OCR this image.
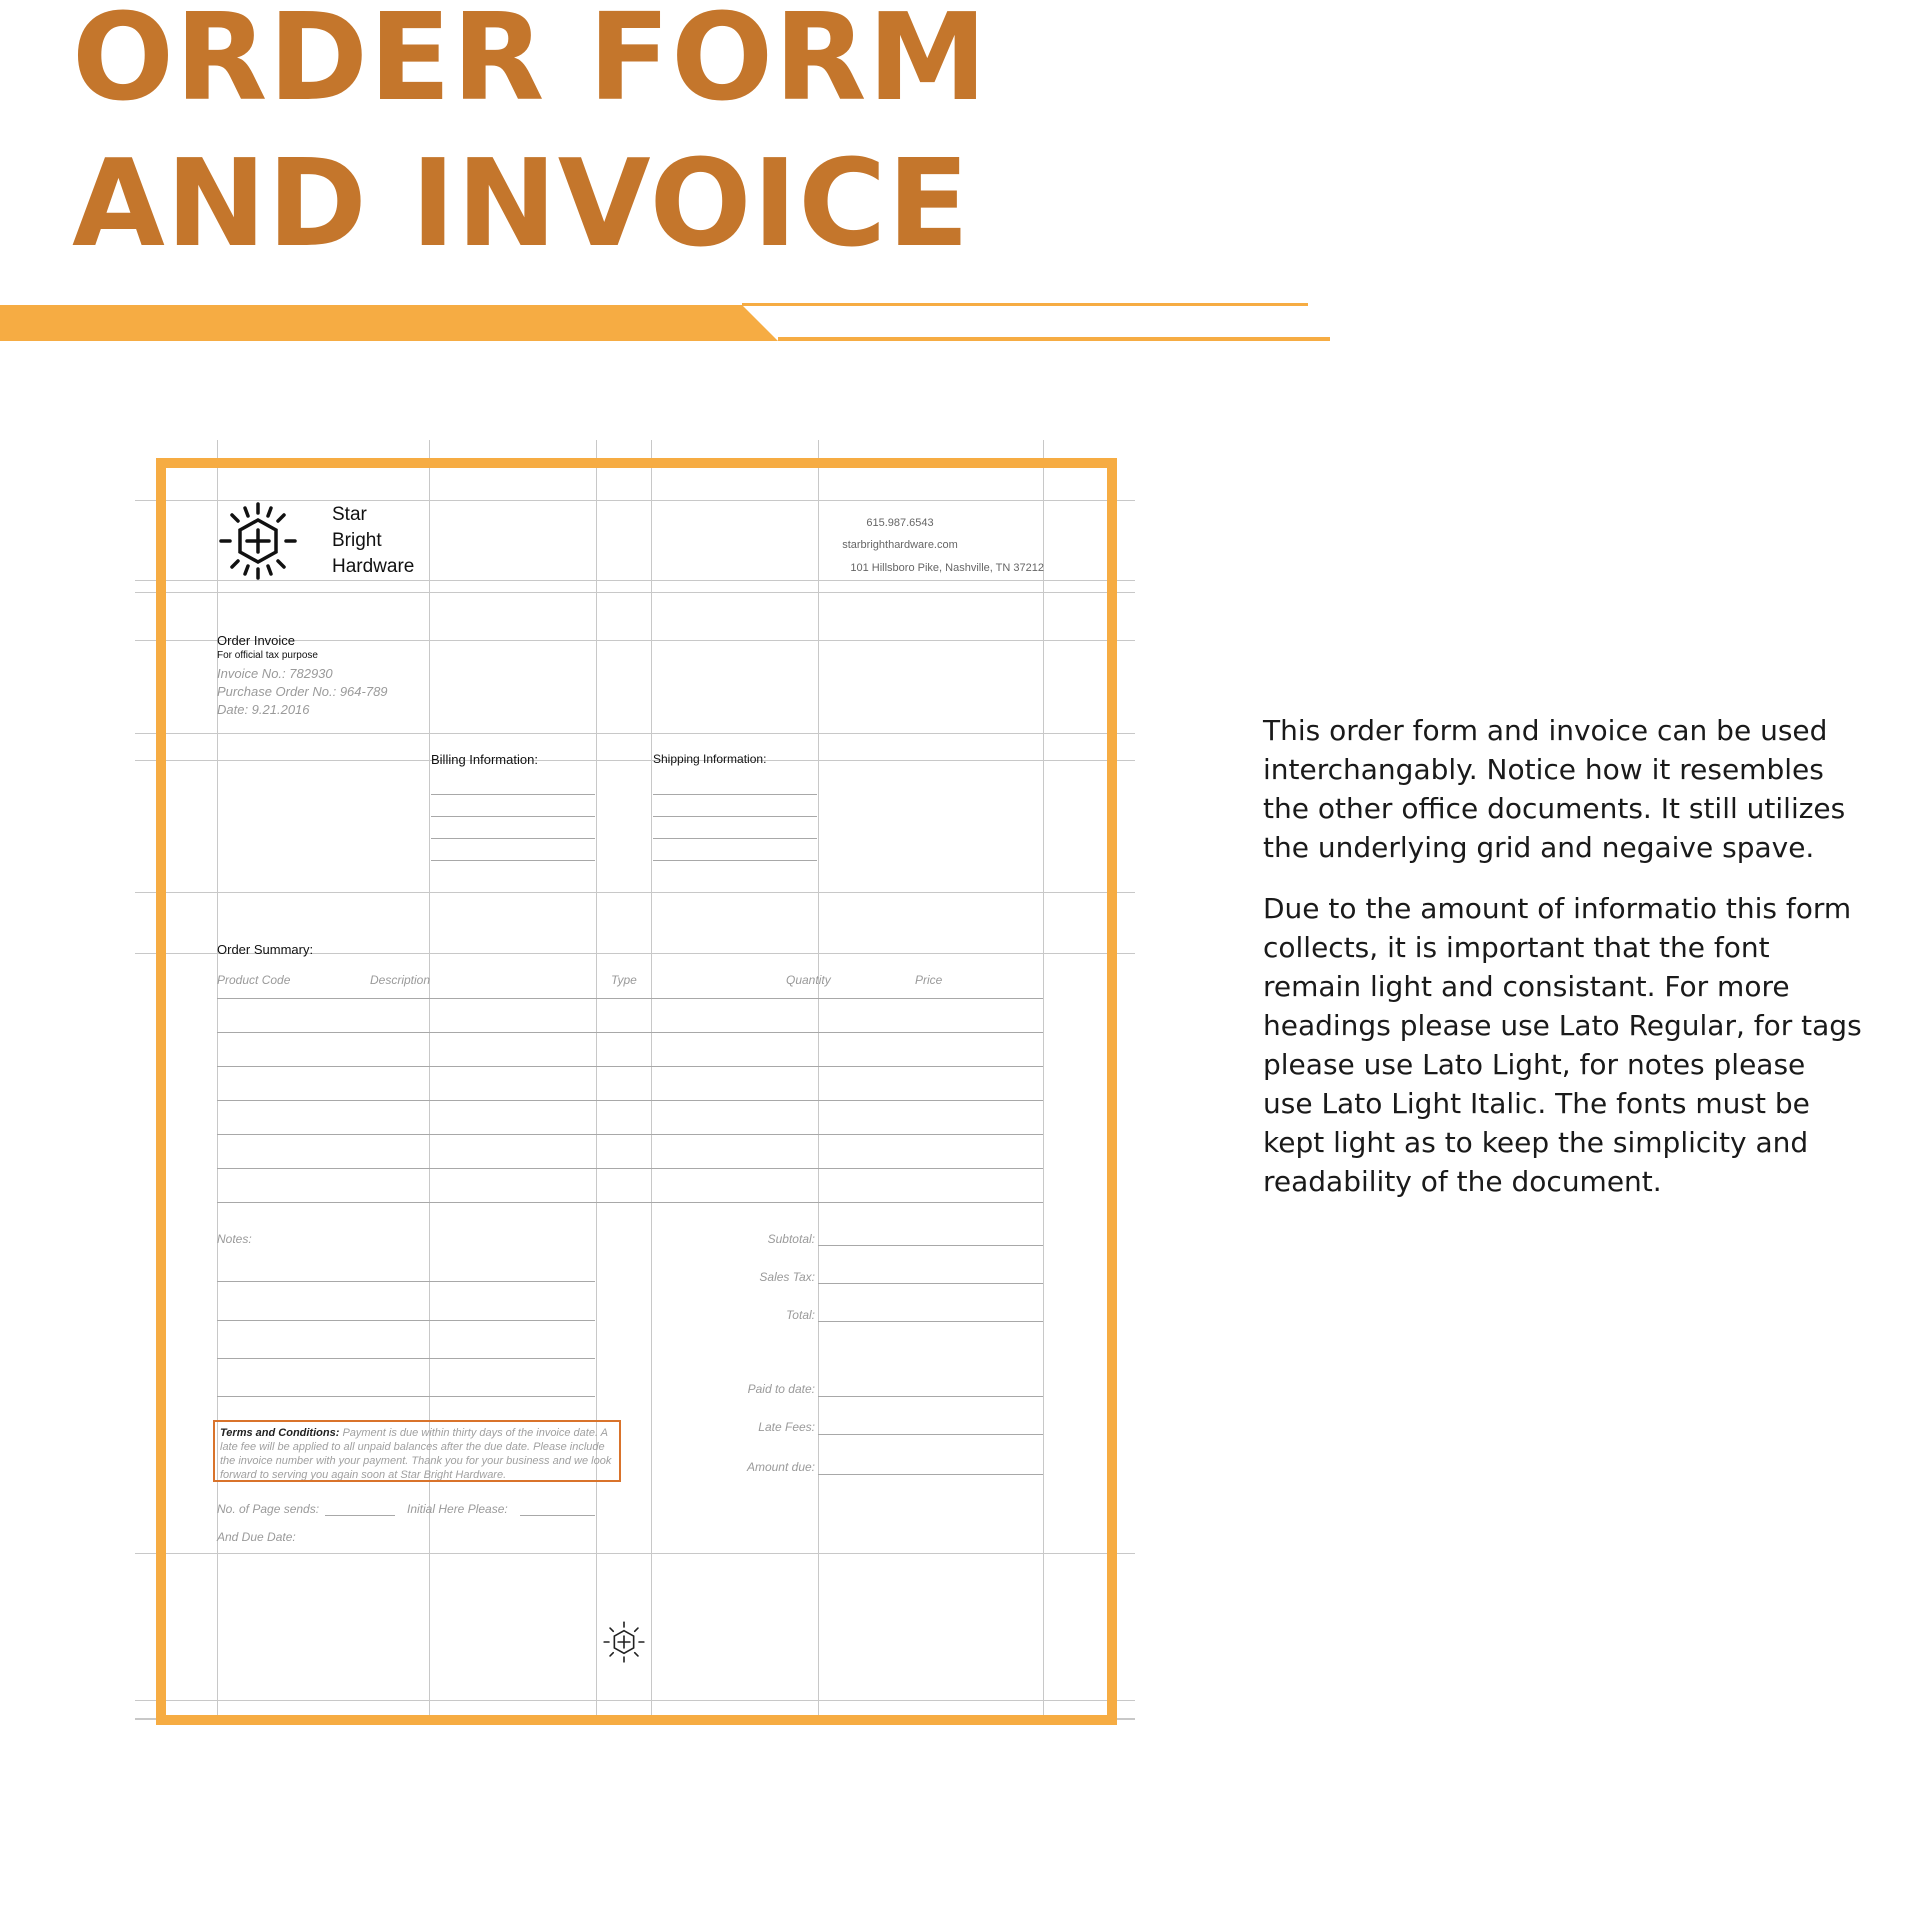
ORDER FORM
AND INVOICE
Star
Bright
Hardware
615.987.6543
starbrighthardware.com
101 Hillsboro Pike, Nashville, TN 37212
Order Invoice
For official tax purpose
Invoice No.: 782930
Purchase Order No.: 964-789
Date: 9.21.2016
Billing Information:	Shipping Information:
Order Summary:
Product Code	Description	Type	Quantity	Price
Notes:	Subtotal:
Sales Tax:
Total:
Paid to date:
Late Fees:
Amount due:
Terms and Conditions: Payment is due within thirty days of the invoice date. A late fee will be applied to all unpaid balances after the due date. Please include the invoice number with your payment. Thank you for your business and we look forward to serving you again soon at Star Bright Hardware.
No. of Page sends:	Initial Here Please:
And Due Date:

This order form and invoice can be used interchangably. Notice how it resembles the other office documents. It still utilizes the underlying grid and negaive spave.

Due to the amount of informatio this form collects, it is important that the font remain light and consistant. For more headings please use Lato Regular, for tags please use Lato Light, for notes please use Lato Light Italic. The fonts must be kept light as to keep the simplicity and readability of the document.
